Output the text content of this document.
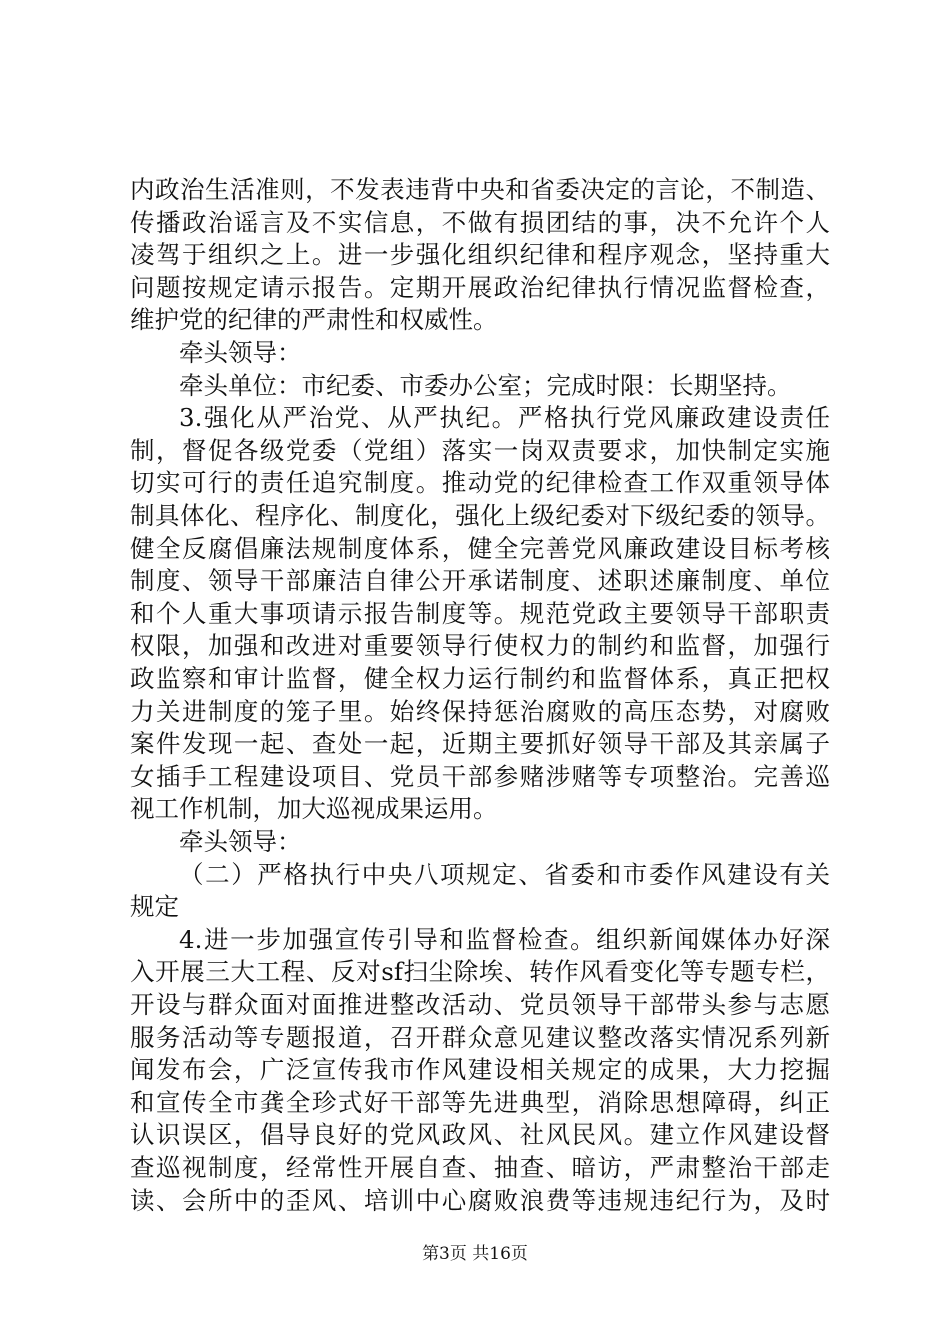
内政治生活准则，不发表违背中央和省委决定的言论，不制造、
传播政治谣言及不实信息，不做有损团结的事，决不允许个人
凌驾于组织之上。进一步强化组织纪律和程序观念，坚持重大
问题按规定请示报告。定期开展政治纪律执行情况监督检查，
维护党的纪律的严肃性和权威性。
牵头领导：
牵头单位：市纪委、市委办公室；完成时限：长期坚持。
3.强化从严治党、从严执纪。严格执行党风廉政建设责任
制，督促各级党委（党组）落实一岗双责要求，加快制定实施
切实可行的责任追究制度。推动党的纪律检查工作双重领导体
制具体化、程序化、制度化，强化上级纪委对下级纪委的领导。
健全反腐倡廉法规制度体系，健全完善党风廉政建设目标考核
制度、领导干部廉洁自律公开承诺制度、述职述廉制度、单位
和个人重大事项请示报告制度等。规范党政主要领导干部职责
权限，加强和改进对重要领导行使权力的制约和监督，加强行
政监察和审计监督，健全权力运行制约和监督体系，真正把权
力关进制度的笼子里。始终保持惩治腐败的高压态势，对腐败
案件发现一起、查处一起，近期主要抓好领导干部及其亲属子
女插手工程建设项目、党员干部参赌涉赌等专项整治。完善巡
视工作机制，加大巡视成果运用。
牵头领导：
（二）严格执行中央八项规定、省委和市委作风建设有关
规定
4.进一步加强宣传引导和监督检查。组织新闻媒体办好深
入开展三大工程、反对sf扫尘除埃、转作风看变化等专题专栏，
开设与群众面对面推进整改活动、党员领导干部带头参与志愿
服务活动等专题报道，召开群众意见建议整改落实情况系列新
闻发布会，广泛宣传我市作风建设相关规定的成果，大力挖掘
和宣传全市龚全珍式好干部等先进典型，消除思想障碍，纠正
认识误区，倡导良好的党风政风、社风民风。建立作风建设督
查巡视制度，经常性开展自查、抽查、暗访，严肃整治干部走
读、会所中的歪风、培训中心腐败浪费等违规违纪行为，及时
第3页 共16页
